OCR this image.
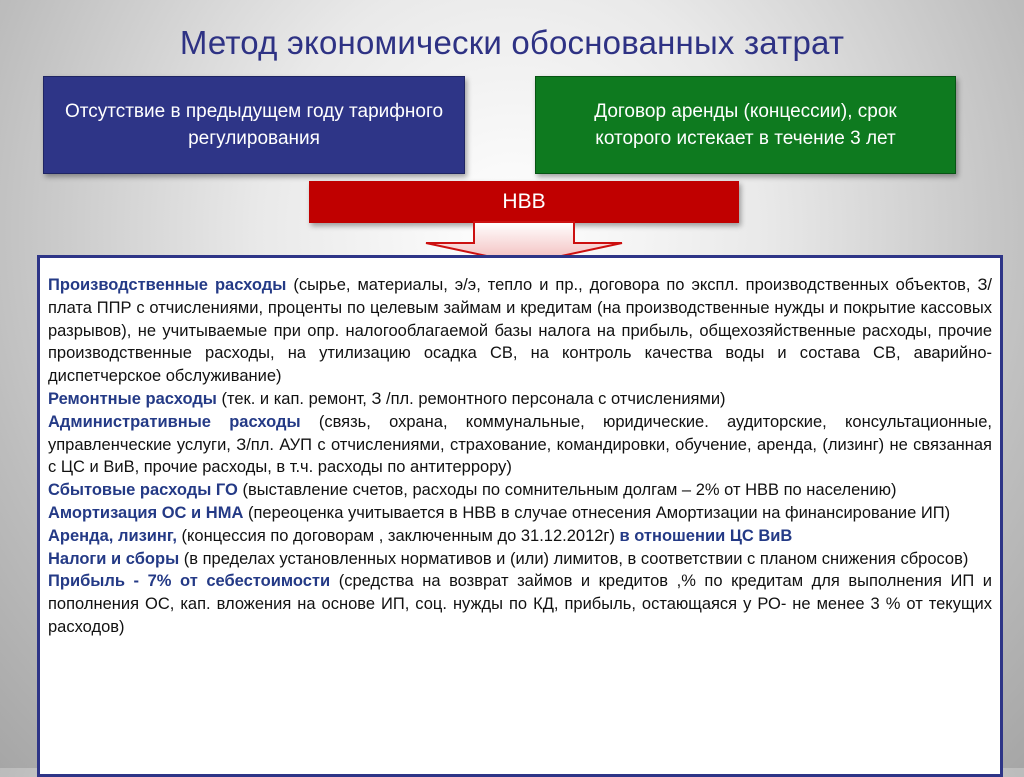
Метод экономически обоснованных затрат
Отсутствие в предыдущем году тарифного регулирования
Договор аренды (концессии), срок которого истекает в течение 3 лет
НВВ

Производственные расходы (сырье, материалы, э/э, тепло и пр., договора по экспл. производственных объектов, З/плата ППР с отчислениями, проценты по целевым займам и кредитам (на производственные нужды и покрытие кассовых разрывов), не учитываемые при опр. налогооблагаемой базы налога на прибыль, общехозяйственные расходы, прочие производственные расходы, на утилизацию осадка СВ, на контроль качества воды и состава СВ, аварийно-диспетчерское обслуживание)

Ремонтные расходы (тек. и кап. ремонт, З /пл. ремонтного персонала с отчислениями)

Административные расходы (связь, охрана, коммунальные, юридические. аудиторские, консультационные, управленческие услуги, З/пл. АУП с отчислениями, страхование, командировки, обучение, аренда, (лизинг) не связанная с ЦС и ВиВ, прочие расходы, в т.ч. расходы по антитеррору)

Сбытовые расходы ГО (выставление счетов, расходы по сомнительным долгам – 2% от НВВ по населению)

Амортизация ОС и НМА (переоценка учитывается в НВВ в случае отнесения Амортизации на финансирование ИП)

Аренда, лизинг, (концессия по договорам , заключенным до 31.12.2012г) в отношении ЦС ВиВ

Налоги и сборы (в пределах установленных нормативов и (или) лимитов, в соответствии с планом снижения сбросов)

Прибыль - 7% от себестоимости (средства на возврат займов и кредитов ,% по кредитам для выполнения ИП и пополнения ОС, кап. вложения на основе ИП, соц. нужды по КД, прибыль, остающаяся у РО- не менее 3 % от текущих расходов)
